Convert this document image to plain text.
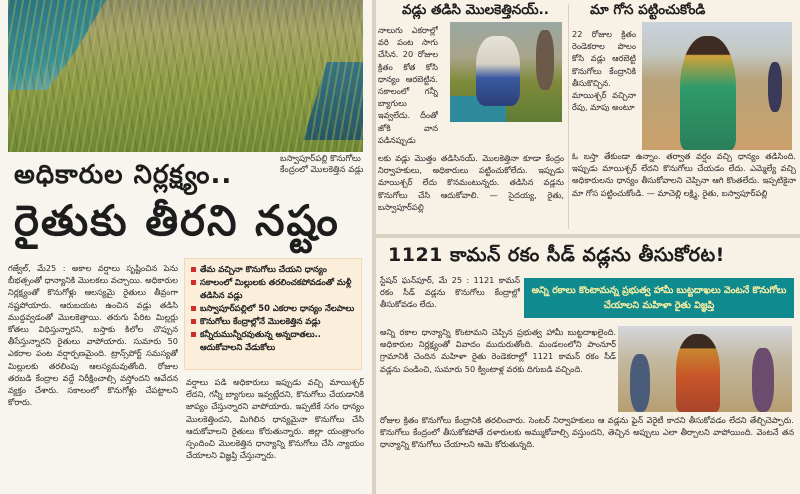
బస్వాపూర్‌పల్లి కొనుగోలు కేంద్రంలో మొలకెత్తిన వడ్లు
అధికారుల నిర్లక్ష్యం..
రైతుకు తీరని నష్టం
గజ్వేల్‌, మే25 : అకాల వర్షాలు సృష్టించిన పెను బీభత్సంతో ధాన్యానికి మొలకలు వచ్చాయి. అధికారుల నిర్లక్ష్యంతో కొనుగోళ్లు ఆలస్యమై రైతులు తీవ్రంగా నష్టపోయారు. ఆరుబయట ఉంచిన వడ్లు తడిసి ముద్దవ్వడంతో మొలకెత్తాయి. తరుగు పేరిట మిల్లర్లు కోతలు విధిస్తున్నారని, బస్తాకు కిలోల చొప్పున తీసేస్తున్నారని రైతులు వాపోయారు. సుమారు 50 ఎకరాల పంట వర్షార్పణమైంది. ట్రాన్స్‌పోర్ట్‌ సమస్యతో మిల్లులకు తరలింపు ఆలస్యమవుతోంది. రోజుల తరబడి కేంద్రాల వద్దే నిరీక్షించాల్సి వస్తోందని ఆవేదన వ్యక్తం చేశారు. సకాలంలో కొనుగోళ్లు చేపట్టాలని కోరారు.
తేమ వచ్చినా కొనుగోలు చేయని ధాన్యం
సకాలంలో మిల్లులకు తరలించకపోవడంతో మళ్లీ తడిసిన వడ్లు
బస్వాపూర్‌పల్లిలో 50 ఎకరాల ధాన్యం నేలపాలు
కొనుగోలు కేంద్రాల్లోనే మొలకెత్తిన వడ్లు
కన్నీరుమున్నీరవుతున్న అన్నదాతలు.. ఆదుకోవాలని వేడుకోలు
వర్షాలు పడి అధికారులు ఇప్పుడు వచ్చి మాయిశ్చర్‌ లేదని, గన్నీ బ్యాగులు ఇవ్వట్లేదని, కొనుగోలు చేయడానికి జాప్యం చేస్తున్నారని వాపోయారు. ఇప్పటికే సగం ధాన్యం మొలకెత్తిందని, మిగిలిన ధాన్యమైనా కొనుగోలు చేసి ఆదుకోవాలని రైతులు కోరుతున్నారు. జిల్లా యంత్రాంగం స్పందించి మొలకెత్తిన ధాన్యాన్ని కొనుగోలు చేసి న్యాయం చేయాలని విజ్ఞప్తి చేస్తున్నారు.
వడ్లు తడిసి మొలకెత్తినయ్‌..	మా గోస పట్టించుకోండి
నాలుగు ఎకరాల్లో వరి పంట సాగు చేసిన. 20 రోజుల క్రితం కోత కోసి ధాన్యం ఆరబెట్టిన. సకాలంలో గన్నీ బ్యాగులు ఇవ్వలేదు. దీంతో జోకి వాన పడినప్పుడు
లకు వడ్లు మొత్తం తడిసినయ్‌. మొలకెత్తినా కూడా కేంద్రం నిర్వాహకులు, అధికారులు పట్టించుకోలేదు. ఇప్పుడు మాయిశ్చర్‌ లేదు కొనమంటున్నరు. తడిసిన వడ్లను కొనుగోలు చేసి ఆదుకోవాలి. — సైదయ్య, రైతు, బస్వాపూర్‌పల్లి
22 రోజుల క్రితం రెండెకరాల పొలం కోసి వడ్లు ఆరబెట్టి కొనుగోలు కేంద్రానికి తీసుకొచ్చిన. మాయిశ్చర్‌ వచ్చినా రేపు, మాపు అంటూ
ఓ బస్తా తేకుండా ఉన్నాం. తర్వాత వర్షం వచ్చి ధాన్యం తడిసింది. ఇప్పుడు మాయిశ్చర్‌ లేదని కొనుగోలు చేయడం లేదు. ఎమ్మెల్యే వచ్చి అధికారులను ధాన్యం తీసుకోవాలని చెప్పినా ఆగి కొంతలేదు. ఇప్పటికైనా మా గోస పట్టించుకోండి. — మాచెల్లి లక్ష్మి, రైతు, బస్వాపూర్‌పల్లి
1121 కామన్‌ రకం సీడ్‌ వడ్లను తీసుకోరట!
స్టేషన్‌ ఘన్‌పూర్‌, మే 25 : 1121 కామన్‌ రకం సీడ్‌ వడ్లను కొనుగోలు కేంద్రాల్లో తీసుకోవడం లేదు.
అన్ని రకాలు కొంటామన్న ప్రభుత్వ హామీ బుట్టదాఖలు వెంటనే కొనుగోలు చేయాలని మహిళా రైతు విజ్ఞప్తి
అన్ని రకాల ధాన్యాన్ని కొంటామని చెప్పిన ప్రభుత్వ హామీ బుట్టదాఖలైంది. అధికారుల నిర్లక్ష్యంతో వివాదం ముదురుతోంది. మండలంలోని పాంనూర్‌ గ్రామానికి చెందిన మహిళా రైతు రెండెకరాల్లో 1121 కామన్‌ రకం సీడ్‌ వడ్లను పండించి, సుమారు 50 క్వింటాళ్ల వరకు దిగుబడి వచ్చింది.
రోజుల క్రితం కొనుగోలు కేంద్రానికి తరలించారు. సెంటర్‌ నిర్వాహకులు ఆ వడ్లను ఫైన్‌ వెరైటీ కాదని తీసుకోవడం లేదని తేల్చిచెప్పారు. కొనుగోలు కేంద్రంలో తీసుకోకపోతే దళారులకు అమ్ముకోవాల్సి వస్తుందని, తెచ్చిన అప్పులు ఎలా తీర్చాలని వాపోయింది. వెంటనే తన ధాన్యాన్ని కొనుగోలు చేయాలని ఆమె కోరుతున్నది.
